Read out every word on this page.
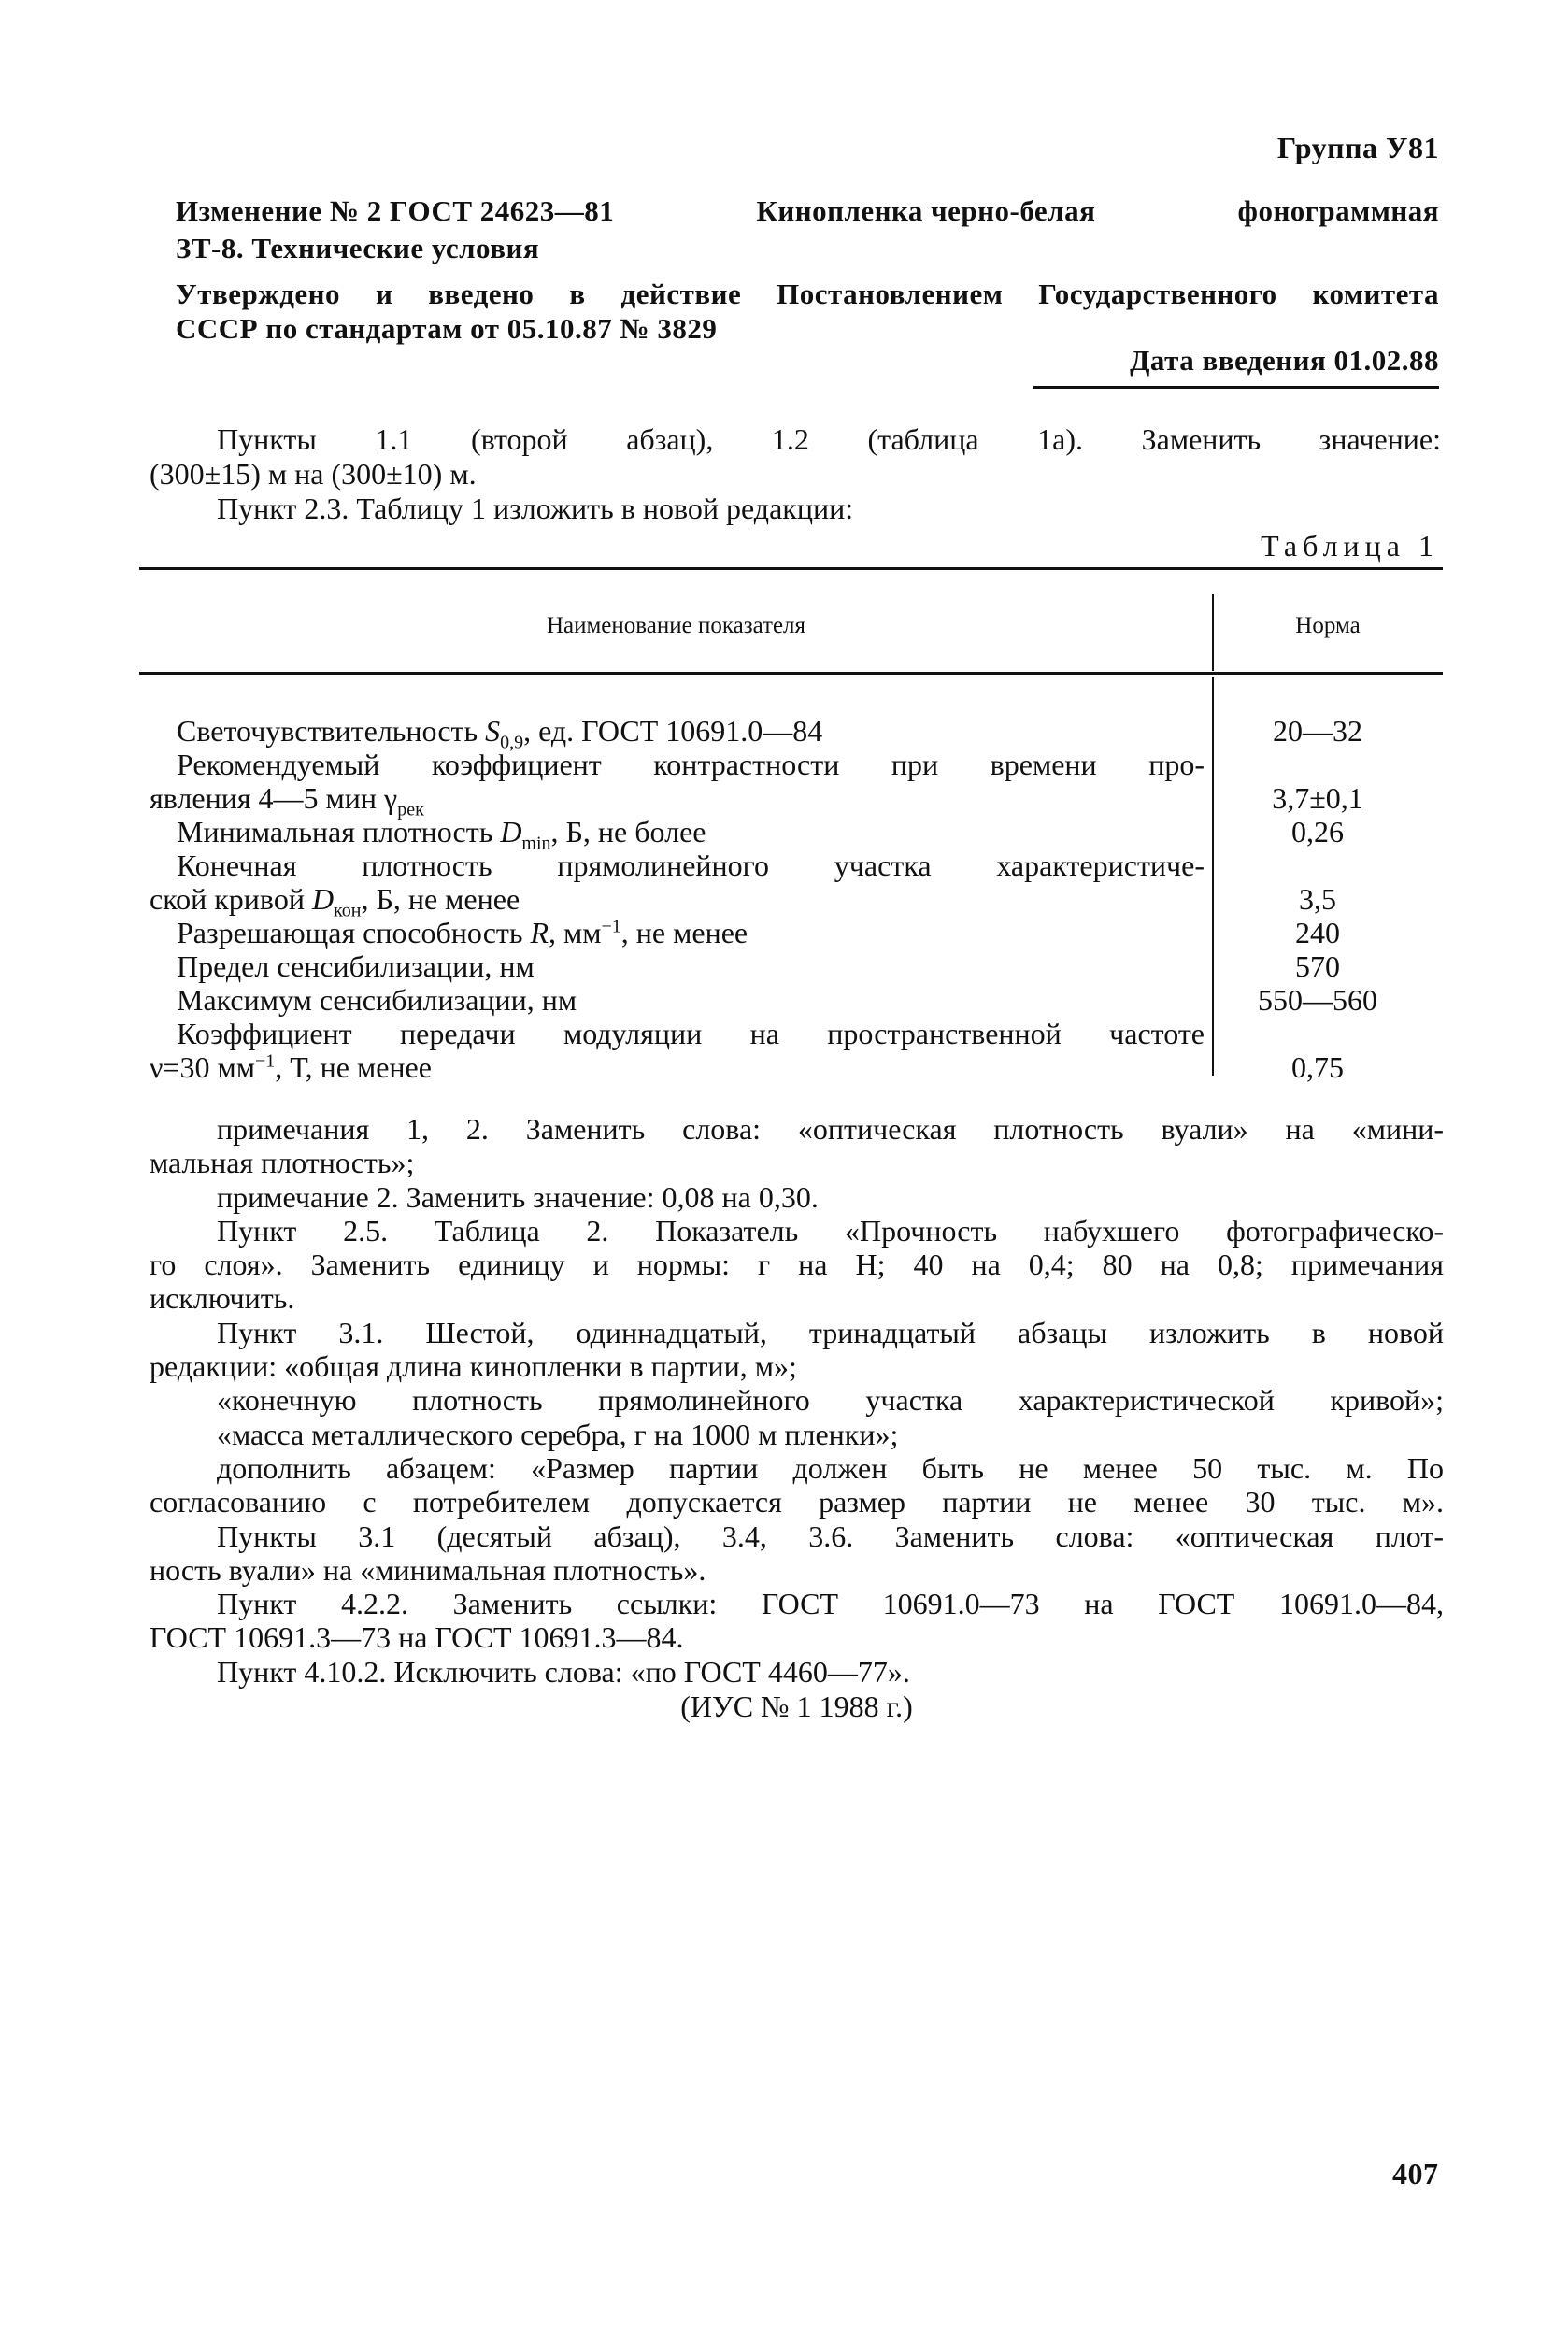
Группа У81
Изменение № 2 ГОСТ 24623—81	Кинопленка черно-белая	фонограммная
ЗТ-8. Технические условия
Утверждено и введено в действие Постановлением Государственного комитета
СССР по стандартам от 05.10.87 № 3829
Дата введения 01.02.88
Пункты 1.1 (второй абзац), 1.2 (таблица 1а). Заменить значение:
(300±15) м на (300±10) м.
Пункт 2.3. Таблицу 1 изложить в новой редакции:
Таблица 1
Наименование показателя	Норма
Светочувствительность $S_{0,9}$, ед. ГОСТ 10691.0—84	20—32
Рекомендуемый коэффициент контрастности при времени про-
явления 4—5 мин $\gamma_{рек}$	3,7±0,1
Минимальная плотность $D_{min}$, Б, не более	0,26
Конечная плотность прямолинейного участка характеристиче-
ской кривой $D_{кон}$, Б, не менее	3,5
Разрешающая способность R, $мм^{-1}$, не менее	240
Предел сенсибилизации, нм	570
Максимум сенсибилизации, нм	550—560
Коэффициент передачи модуляции на пространственной частоте
ν=30 $мм^{-1}$, Т, не менее	0,75
примечания 1, 2. Заменить слова: «оптическая плотность вуали» на «мини-
мальная плотность»;
примечание 2. Заменить значение: 0,08 на 0,30.
Пункт 2.5. Таблица 2. Показатель «Прочность набухшего фотографическо-
го слоя». Заменить единицу и нормы: г на Н; 40 на 0,4; 80 на 0,8; примечания
исключить.
Пункт 3.1. Шестой, одиннадцатый, тринадцатый абзацы изложить в новой
редакции: «общая длина кинопленки в партии, м»;
«конечную плотность прямолинейного участка характеристической кривой»;
«масса металлического серебра, г на 1000 м пленки»;
дополнить абзацем: «Размер партии должен быть не менее 50 тыс. м. По
согласованию с потребителем допускается размер партии не менее 30 тыс. м».
Пункты 3.1 (десятый абзац), 3.4, 3.6. Заменить слова: «оптическая плот-
ность вуали» на «минимальная плотность».
Пункт 4.2.2. Заменить ссылки: ГОСТ 10691.0—73 на ГОСТ 10691.0—84,
ГОСТ 10691.3—73 на ГОСТ 10691.3—84.
Пункт 4.10.2. Исключить слова: «по ГОСТ 4460—77».
(ИУС № 1 1988 г.)
407
